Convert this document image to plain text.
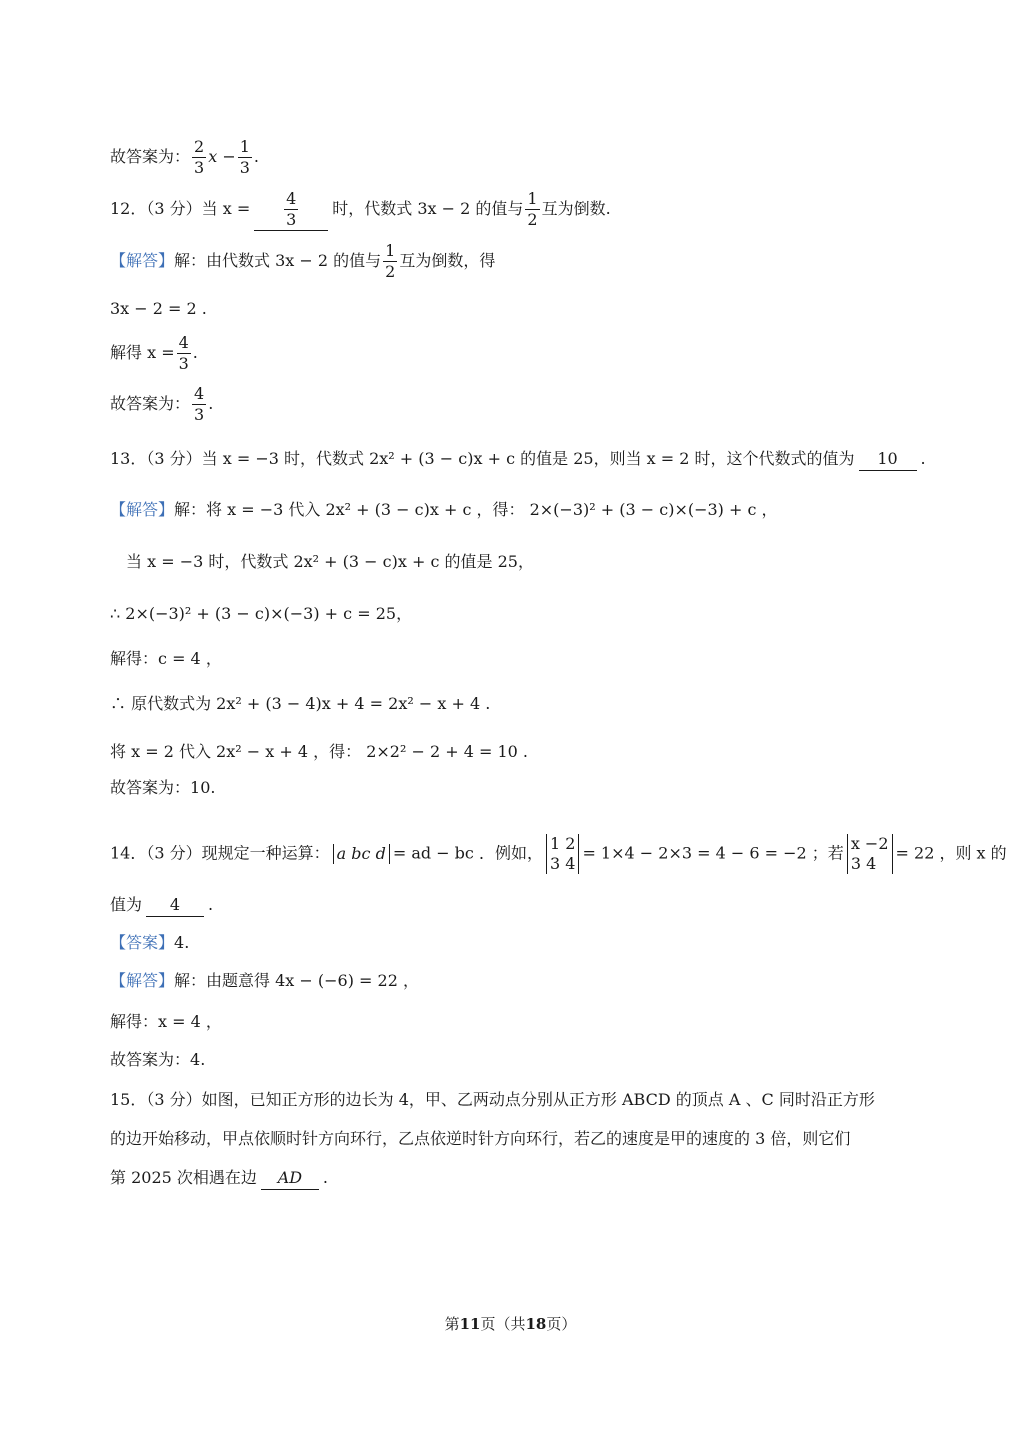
故答案为： $\frac{2}{3}$ $x - \frac{1}{3}$ .
12．（3 分）当 $x = \frac{4}{3}$ 时，代数式 3x − 2 的值与 $\frac{1}{2}$ 互为倒数.
【解答】解：由代数式 3x − 2 的值与 $\frac{1}{2}$ 互为倒数，得
3x − 2 = 2 .
解得 $x = \frac{4}{3}$ .
故答案为： $\frac{4}{3}$ .
13．（3 分）当 x = −3 时，代数式 2x² + (3 − c)x + c 的值是 25，则当 x = 2 时，这个代数式的值为 10 .
【解答】解：将 x = −3 代入 2x² + (3 − c)x + c ，得： 2×(−3)² + (3 − c)×(−3) + c ，
当 x = −3 时，代数式 2x² + (3 − c)x + c 的值是 25，
∴ 2×(−3)² + (3 − c)×(−3) + c = 25，
解得：c = 4 ，
∴ 原代数式为 2x² + (3 − 4)x + 4 = 2x² − x + 4 .
将 x = 2 代入 2x² − x + 4 ，得： 2×2² − 2 + 4 = 10 .
故答案为：10.
14．（3 分）现规定一种运算： a bc d = ad − bc ．例如， 1 2
3 4
= 1×4 − 2×3 = 4 − 6 = −2 ；若 x −2
3 4
= 22 ，则 x 的
值为 4 .
【答案】4.
【解答】解：由题意得 4x − (−6) = 22 ，
解得：x = 4 ，
故答案为：4.
15．（3 分）如图，已知正方形的边长为 4，甲、乙两动点分别从正方形 ABCD 的顶点 A 、C 同时沿正方形
的边开始移动，甲点依顺时针方向环行，乙点依逆时针方向环行，若乙的速度是甲的速度的 3 倍，则它们
第 2025 次相遇在边 AD .
第11页（共18页）
